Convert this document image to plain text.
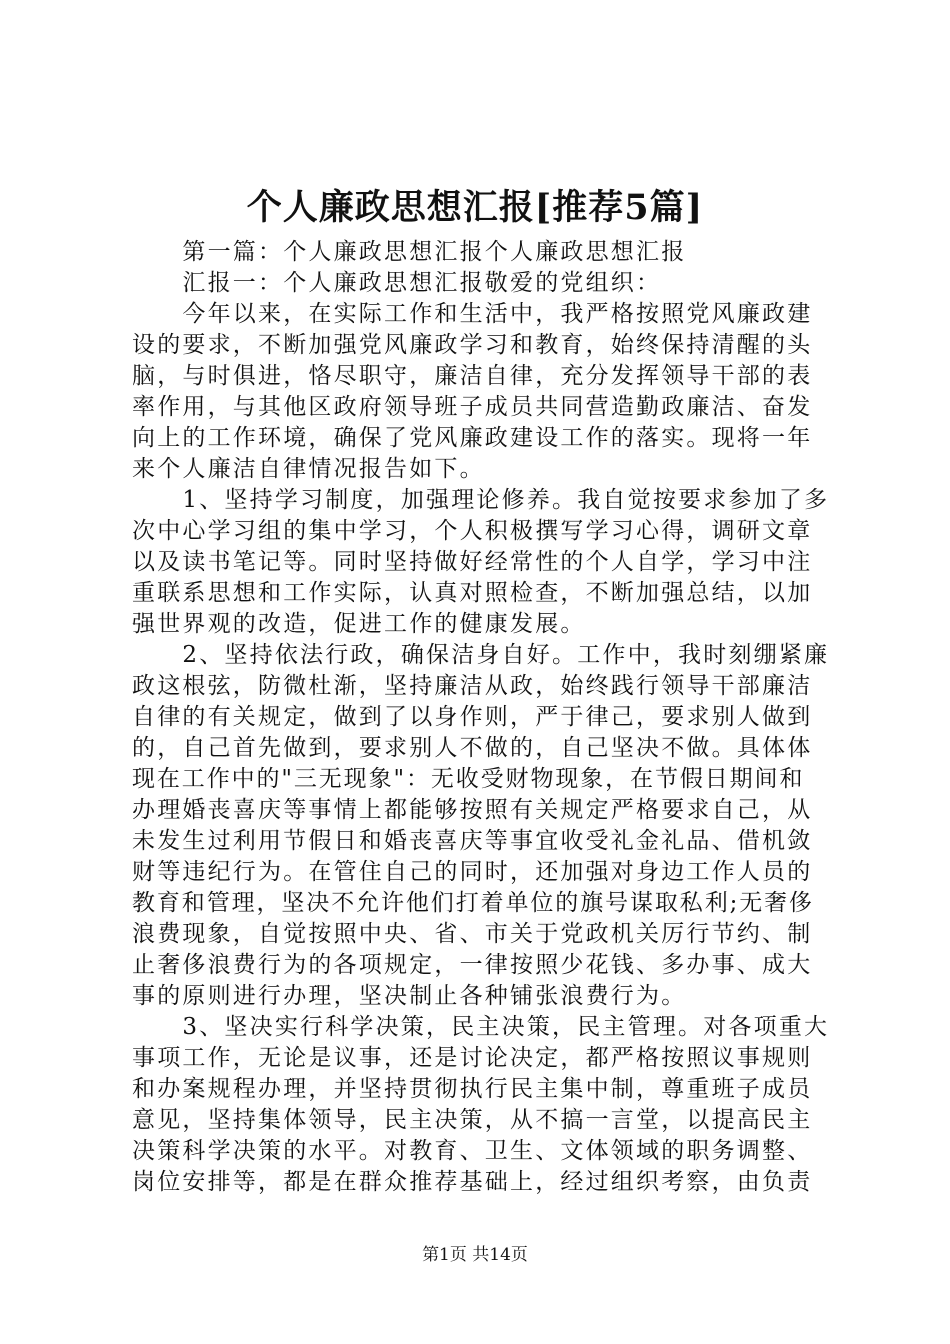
个人廉政思想汇报[推荐5篇]

　　第一篇：个人廉政思想汇报个人廉政思想汇报

　　汇报一：个人廉政思想汇报敬爱的党组织：

　　今年以来，在实际工作和生活中，我严格按照党风廉政建

设的要求，不断加强党风廉政学习和教育，始终保持清醒的头

脑，与时俱进，恪尽职守，廉洁自律，充分发挥领导干部的表

率作用，与其他区政府领导班子成员共同营造勤政廉洁、奋发

向上的工作环境，确保了党风廉政建设工作的落实。现将一年

来个人廉洁自律情况报告如下。

　　1、坚持学习制度，加强理论修养。我自觉按要求参加了多

次中心学习组的集中学习，个人积极撰写学习心得，调研文章

以及读书笔记等。同时坚持做好经常性的个人自学，学习中注

重联系思想和工作实际，认真对照检查，不断加强总结，以加

强世界观的改造，促进工作的健康发展。

　　2、坚持依法行政，确保洁身自好。工作中，我时刻绷紧廉

政这根弦，防微杜渐，坚持廉洁从政，始终践行领导干部廉洁

自律的有关规定，做到了以身作则，严于律己，要求别人做到

的，自己首先做到，要求别人不做的，自己坚决不做。具体体

现在工作中的"三无现象"：无收受财物现象，在节假日期间和

办理婚丧喜庆等事情上都能够按照有关规定严格要求自己，从

未发生过利用节假日和婚丧喜庆等事宜收受礼金礼品、借机敛

财等违纪行为。在管住自己的同时，还加强对身边工作人员的

教育和管理，坚决不允许他们打着单位的旗号谋取私利;无奢侈

浪费现象，自觉按照中央、省、市关于党政机关厉行节约、制

止奢侈浪费行为的各项规定，一律按照少花钱、多办事、成大

事的原则进行办理，坚决制止各种铺张浪费行为。

　　3、坚决实行科学决策，民主决策，民主管理。对各项重大

事项工作，无论是议事，还是讨论决定，都严格按照议事规则

和办案规程办理，并坚持贯彻执行民主集中制，尊重班子成员

意见，坚持集体领导，民主决策，从不搞一言堂，以提高民主

决策科学决策的水平。对教育、卫生、文体领域的职务调整、

岗位安排等，都是在群众推荐基础上，经过组织考察，由负责

第1页 共14页
